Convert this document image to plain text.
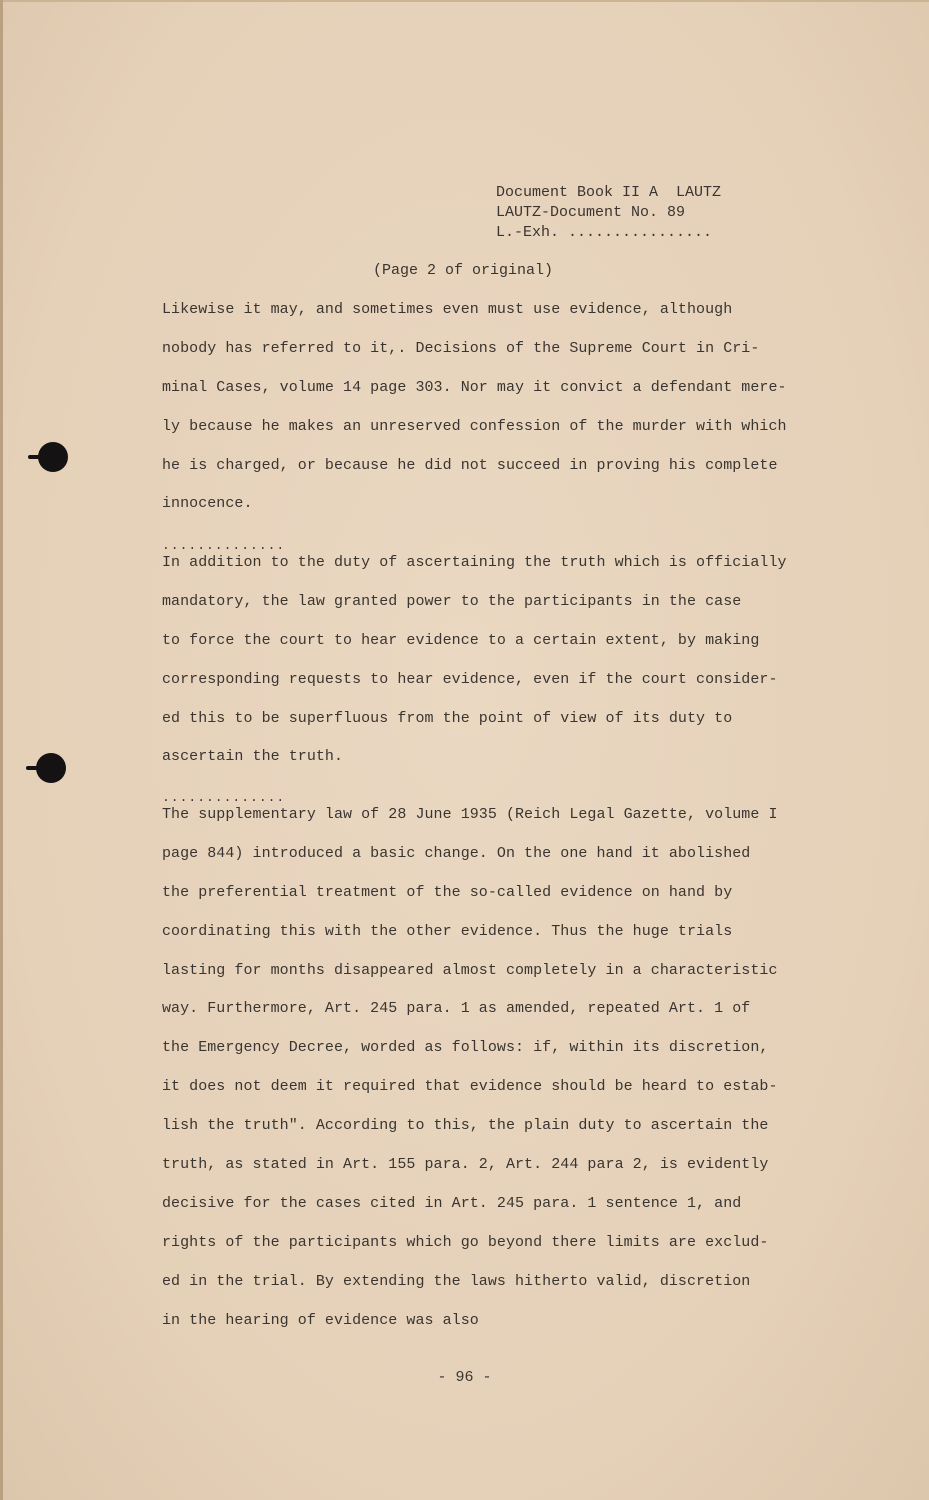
Document Book II A  LAUTZ
LAUTZ-Document No. 89
L.-Exh. ................
(Page 2 of original)
Likewise it may, and sometimes even must use evidence, although
nobody has referred to it,. Decisions of the Supreme Court in Cri-
minal Cases, volume 14 page 303. Nor may it convict a defendant mere-
ly because he makes an unreserved confession of the murder with which
he is charged, or because he did not succeed in proving his complete
innocence.
..............
In addition to the duty of ascertaining the truth which is officially
mandatory, the law granted power to the participants in the case
to force the court to hear evidence to a certain extent, by making
corresponding requests to hear evidence, even if the court consider-
ed this to be superfluous from the point of view of its duty to
ascertain the truth.
..............
The supplementary law of 28 June 1935 (Reich Legal Gazette, volume I
page 844) introduced a basic change. On the one hand it abolished
the preferential treatment of the so-called evidence on hand by
coordinating this with the other evidence. Thus the huge trials
lasting for months disappeared almost completely in a characteristic
way. Furthermore, Art. 245 para. 1 as amended, repeated Art. 1 of
the Emergency Decree, worded as follows: if, within its discretion,
it does not deem it required that evidence should be heard to estab-
lish the truth". According to this, the plain duty to ascertain the
truth, as stated in Art. 155 para. 2, Art. 244 para 2, is evidently
decisive for the cases cited in Art. 245 para. 1 sentence 1, and
rights of the participants which go beyond there limits are exclud-
ed in the trial. By extending the laws hitherto valid, discretion
in the hearing of evidence was also
- 96 -
